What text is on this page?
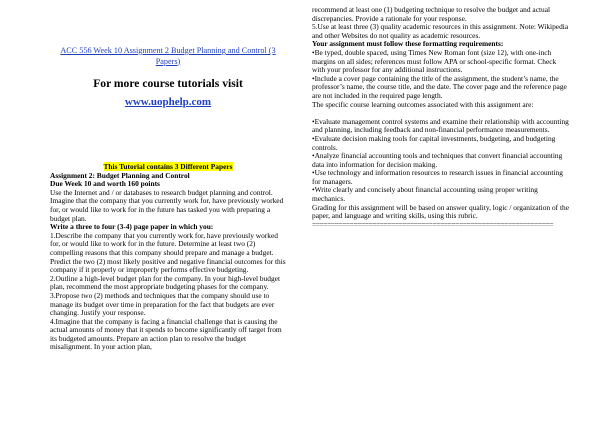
ACC 556 Week 10 Assignment 2 Budget Planning and Control (3 Papers)
For more course tutorials visit
www.uophelp.com
This Tutorial contains 3 Different Papers

Assignment 2: Budget Planning and Control

Due Week 10 and worth 160 points

Use the Internet and / or databases to research budget planning and control. Imagine that the company that you currently work for, have previously worked for, or would like to work for in the future has tasked you with preparing a budget plan.

Write a three to four (3-4) page paper in which you:

1.Describe the company that you currently work for, have previously worked for, or would like to work for in the future. Determine at least two (2) compelling reasons that this company should prepare and manage a budget. Predict the two (2) most likely positive and negative financial outcomes for this company if it properly or improperly performs effective budgeting.

2.Outline a high-level budget plan for the company. In your high-level budget plan, recommend the most appropriate budgeting phases for the company.

3.Propose two (2) methods and techniques that the company should use to manage its budget over time in preparation for the fact that budgets are ever changing. Justify your response.

4.Imagine that the company is facing a financial challenge that is causing the actual amounts of money that it spends to become significantly off target from its budgeted amounts. Prepare an action plan to resolve the budget misalignment. In your action plan,

recommend at least one (1) budgeting technique to resolve the budget and actual discrepancies. Provide a rationale for your response.

5.Use at least three (3) quality academic resources in this assignment. Note: Wikipedia and other Websites do not quality as academic resources.

Your assignment must follow these formatting requirements:

•Be typed, double spaced, using Times New Roman font (size 12), with one-inch margins on all sides; references must follow APA or school-specific format. Check with your professor for any additional instructions.

•Include a cover page containing the title of the assignment, the student’s name, the professor’s name, the course title, and the date. The cover page and the reference page are not included in the required page length.

The specific course learning outcomes associated with this assignment are:

•Evaluate management control systems and examine their relationship with accounting and planning, including feedback and non-financial performance measurements.

•Evaluate decision making tools for capital investments, budgeting, and budgeting controls.

•Analyze financial accounting tools and techniques that convert financial accounting data into information for decision making.

•Use technology and information resources to research issues in financial accounting for managers.

•Write clearly and concisely about financial accounting using proper writing mechanics.

Grading for this assignment will be based on answer quality, logic / organization of the paper, and language and writing skills, using this rubric.

================================================================
